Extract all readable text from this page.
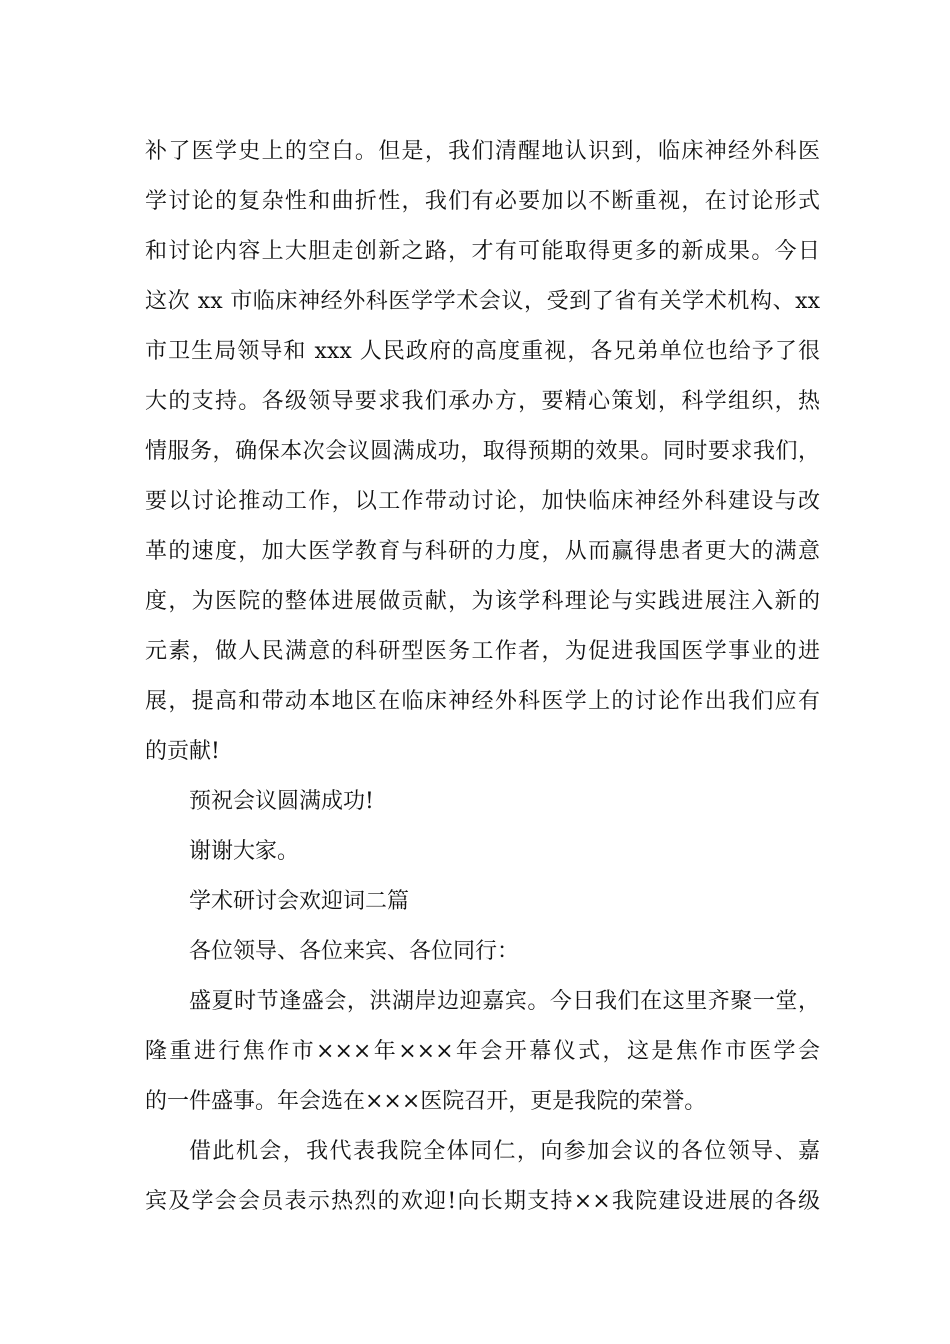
补了医学史上的空白。但是，我们清醒地认识到，临床神经外科医
学讨论的复杂性和曲折性，我们有必要加以不断重视，在讨论形式
和讨论内容上大胆走创新之路，才有可能取得更多的新成果。今日
这次 xx 市临床神经外科医学学术会议，受到了省有关学术机构、xx
市卫生局领导和 xxx 人民政府的高度重视，各兄弟单位也给予了很
大的支持。各级领导要求我们承办方，要精心策划，科学组织，热
情服务，确保本次会议圆满成功，取得预期的效果。同时要求我们，
要以讨论推动工作，以工作带动讨论，加快临床神经外科建设与改
革的速度，加大医学教育与科研的力度，从而赢得患者更大的满意
度，为医院的整体进展做贡献，为该学科理论与实践进展注入新的
元素，做人民满意的科研型医务工作者，为促进我国医学事业的进
展，提高和带动本地区在临床神经外科医学上的讨论作出我们应有
的贡献!
预祝会议圆满成功!
谢谢大家。
学术研讨会欢迎词二篇
各位领导、各位来宾、各位同行：
盛夏时节逢盛会，洪湖岸边迎嘉宾。今日我们在这里齐聚一堂，
隆重进行焦作市×××年×××年会开幕仪式，这是焦作市医学会
的一件盛事。年会选在×××医院召开，更是我院的荣誉。
借此机会，我代表我院全体同仁，向参加会议的各位领导、嘉
宾及学会会员表示热烈的欢迎!向长期支持××我院建设进展的各级
